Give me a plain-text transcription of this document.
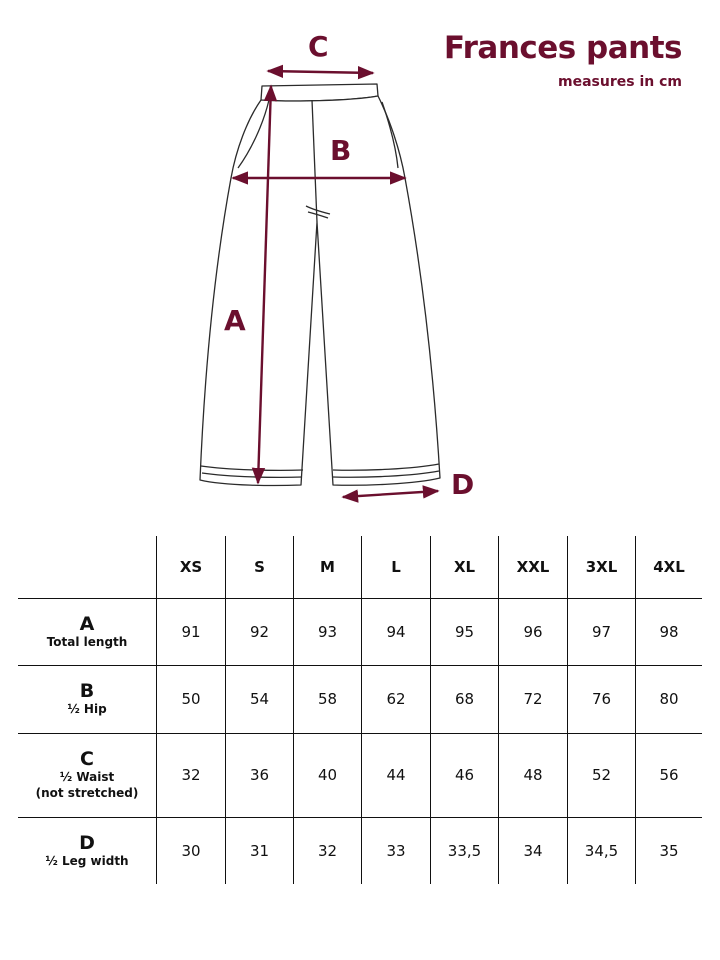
Frances pants
measures in cm
C
B
A
D
	XS	S	M	L	XL	XXL	3XL	4XL

A
Total length	91	92	93	94	95	96	97	98

B
½ Hip	50	54	58	62	68	72	76	80

C
½ Waist
(not stretched)	32	36	40	44	46	48	52	56

D
½ Leg width	30	31	32	33	33,5	34	34,5	35
